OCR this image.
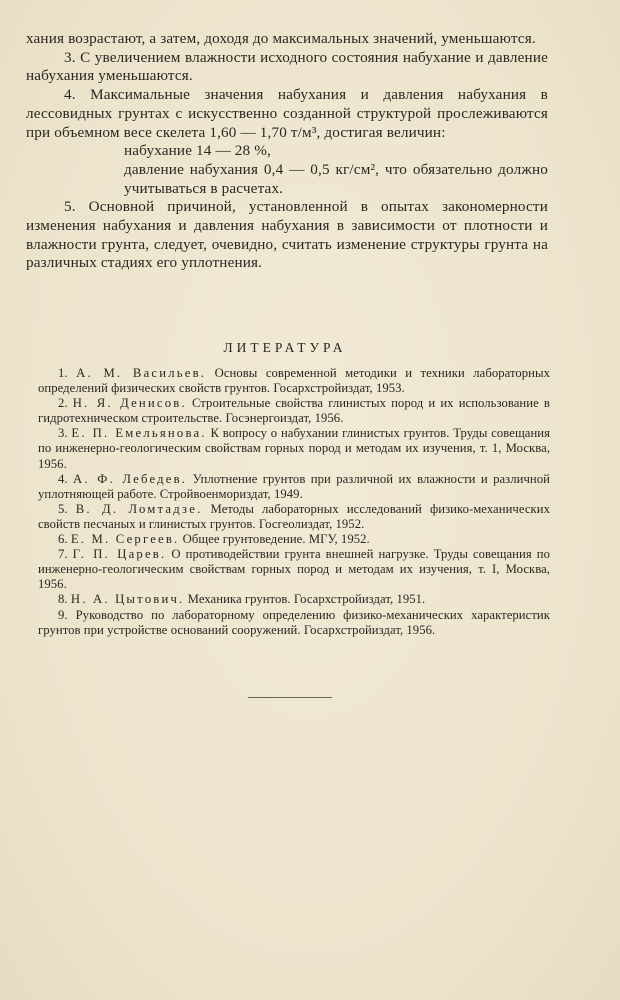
хания возрастают, а затем, доходя до максимальных значений, уменьшаются.

3. С увеличением влажности исходного состояния набухание и давление набухания уменьшаются.

4. Максимальные значения набухания и давления набухания в лессовидных грунтах с искусственно созданной структурой прослеживаются при объемном весе скелета 1,60 — 1,70 т/м³, достигая величин:

набухание 14 — 28 %,

давление набухания 0,4 — 0,5 кг/см², что обязательно должно учитываться в расчетах.

5. Основной причиной, установленной в опытах закономерности изменения набухания и давления набухания в зависимости от плотности и влажности грунта, следует, очевидно, считать изменение структуры грунта на различных стадиях его уплотнения.

ЛИТЕРАТУРА

1. А. М. Васильев. Основы современной методики и техники лабораторных определений физических свойств грунтов. Госархстройиздат, 1953.

2. Н. Я. Денисов. Строительные свойства глинистых пород и их использование в гидротехническом строительстве. Госэнергоиздат, 1956.

3. Е. П. Емельянова. К вопросу о набухании глинистых грунтов. Труды совещания по инженерно-геологическим свойствам горных пород и методам их изучения, т. 1, Москва, 1956.

4. А. Ф. Лебедев. Уплотнение грунтов при различной их влажности и различной уплотняющей работе. Стройвоенмориздат, 1949.

5. В. Д. Ломтадзе. Методы лабораторных исследований физико-механических свойств песчаных и глинистых грунтов. Госгеолиздат, 1952.

6. Е. М. Сергеев. Общее грунтоведение. МГУ, 1952.

7. Г. П. Царев. О противодействии грунта внешней нагрузке. Труды совещания по инженерно-геологическим свойствам горных пород и методам их изучения, т. I, Москва, 1956.

8. Н. А. Цытович. Механика грунтов. Госархстройиздат, 1951.

9. Руководство по лабораторному определению физико-механических характеристик грунтов при устройстве оснований сооружений. Госархстройиздат, 1956.
